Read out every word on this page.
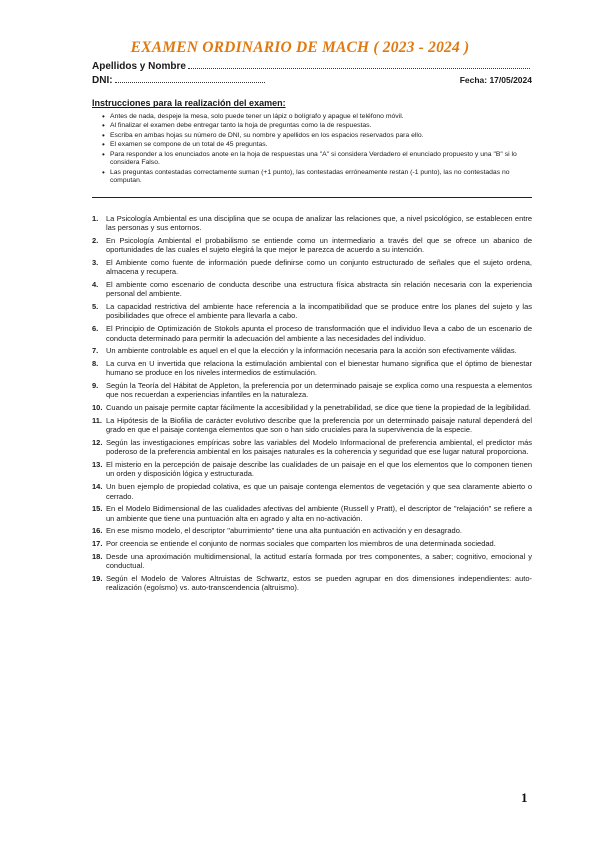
EXAMEN ORDINARIO DE MACH ( 2023 - 2024 )
Apellidos y Nombre
DNI:	Fecha: 17/05/2024
Instrucciones para la realización del examen:
• Antes de nada, despeje la mesa, solo puede tener un lápiz o bolígrafo y apague el teléfono móvil.
• Al finalizar el examen debe entregar tanto la hoja de preguntas como la de respuestas.
• Escriba en ambas hojas su número de DNI, su nombre y apellidos en los espacios reservados para ello.
• El examen se compone de un total de 45 preguntas.
• Para responder a los enunciados anote en la hoja de respuestas una "A" si considera Verdadero el enunciado propuesto y una "B" si lo considera Falso.
• Las preguntas contestadas correctamente suman (+1 punto), las contestadas erróneamente restan (-1 punto), las no contestadas no computan.
1.	La Psicología Ambiental es una disciplina que se ocupa de analizar las relaciones que, a nivel psicológico, se establecen entre las personas y sus entornos.
2.	En Psicología Ambiental el probabilismo se entiende como un intermediario a través del que se ofrece un abanico de oportunidades de las cuales el sujeto elegirá la que mejor le parezca de acuerdo a su intención.
3.	El Ambiente como fuente de información puede definirse como un conjunto estructurado de señales que el sujeto ordena, almacena y recupera.
4.	El ambiente como escenario de conducta describe una estructura física abstracta sin relación necesaria con la experiencia personal del ambiente.
5.	La capacidad restrictiva del ambiente hace referencia a la incompatibilidad que se produce entre los planes del sujeto y las posibilidades que ofrece el ambiente para llevarla a cabo.
6.	El Principio de Optimización de Stokols apunta el proceso de transformación que el individuo lleva a cabo de un escenario de conducta determinado para permitir la adecuación del ambiente a las necesidades del individuo.
7.	Un ambiente controlable es aquel en el que la elección y la información necesaria para la acción son efectivamente válidas.
8.	La curva en U invertida que relaciona la estimulación ambiental con el bienestar humano significa que el óptimo de bienestar humano se produce en los niveles intermedios de estimulación.
9.	Según la Teoría del Hábitat de Appleton, la preferencia por un determinado paisaje se explica como una respuesta a elementos que nos recuerdan a experiencias infantiles en la naturaleza.
10. Cuando un paisaje permite captar fácilmente la accesibilidad y la penetrabilidad, se dice que tiene la propiedad de la legibilidad.
11. La Hipótesis de la Biofilia de carácter evolutivo describe que la preferencia por un determinado paisaje natural dependerá del grado en que el paisaje contenga elementos que son o han sido cruciales para la supervivencia de la especie.
12. Según las investigaciones empíricas sobre las variables del Modelo Informacional de preferencia ambiental, el predictor más poderoso de la preferencia ambiental en los paisajes naturales es la coherencia y seguridad que ese lugar natural proporciona.
13. El misterio en la percepción de paisaje describe las cualidades de un paisaje en el que los elementos que lo componen tienen un orden y disposición lógica y estructurada.
14. Un buen ejemplo de propiedad colativa, es que un paisaje contenga elementos de vegetación y que sea claramente abierto o cerrado.
15. En el Modelo Bidimensional de las cualidades afectivas del ambiente (Russell y Pratt), el descriptor de "relajación" se refiere a un ambiente que tiene una puntuación alta en agrado y alta en no-activación.
16. En ese mismo modelo, el descriptor "aburrimiento" tiene una alta puntuación en activación y en desagrado.
17. Por creencia se entiende el conjunto de normas sociales que comparten los miembros de una determinada sociedad.
18. Desde una aproximación multidimensional, la actitud estaría formada por tres componentes, a saber; cognitivo, emocional y conductual.
19. Según el Modelo de Valores Altruistas de Schwartz, estos se pueden agrupar en dos dimensiones independientes: auto-realización (egoísmo) vs. auto-transcendencia (altruismo).
1
